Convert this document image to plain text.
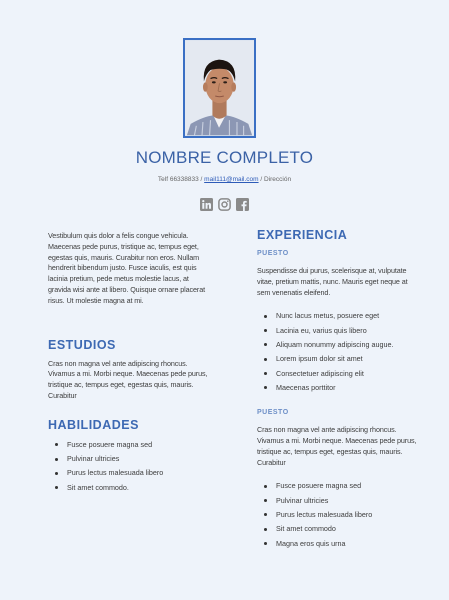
NOMBRE COMPLETO
Telf 66338833 / mail111@mail.com / Dirección

Vestibulum quis dolor a felis congue vehicula. Maecenas pede purus, tristique ac, tempus eget, egestas quis, mauris. Curabitur non eros. Nullam hendrerit bibendum justo. Fusce iaculis, est quis lacinia pretium, pede metus molestie lacus, at gravida wisi ante at libero. Quisque ornare placerat risus. Ut molestie magna at mi.

ESTUDIOS

Cras non magna vel ante adipiscing rhoncus. Vivamus a mi. Morbi neque. Maecenas pede purus, tristique ac, tempus eget, egestas quis, mauris. Curabitur

HABILIDADES
Fusce posuere magna sed
Pulvinar ultricies
Purus lectus malesuada libero
Sit amet commodo.
EXPERIENCIA
PUESTO

Suspendisse dui purus, scelerisque at, vulputate vitae, pretium mattis, nunc. Mauris eget neque at sem venenatis eleifend.

Nunc lacus metus, posuere eget
Lacinia eu, varius quis libero
Aliquam nonummy adipiscing augue.
Lorem ipsum dolor sit amet
Consectetuer adipiscing elit
Maecenas porttitor
PUESTO

Cras non magna vel ante adipiscing rhoncus. Vivamus a mi. Morbi neque. Maecenas pede purus, tristique ac, tempus eget, egestas quis, mauris. Curabitur

Fusce posuere magna sed
Pulvinar ultricies
Purus lectus malesuada libero
Sit amet commodo
Magna eros quis urna
